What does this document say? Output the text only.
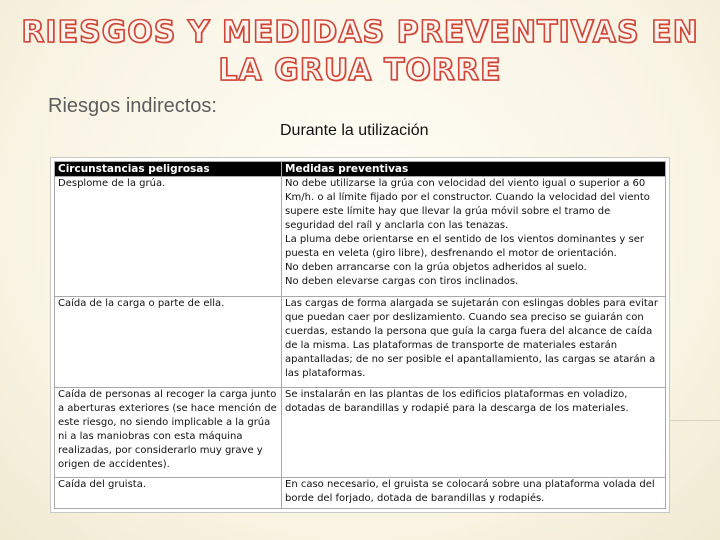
RIESGOS Y MEDIDAS PREVENTIVAS EN LA GRUA TORRE
Riesgos indirectos:

Durante la utilización

Circunstancias peligrosas	Medidas preventivas
Desplome de la grúa.	No debe utilizarse la grúa con velocidad del viento igual o superior a 60 Km/h. o al límite fijado por el constructor. Cuando la velocidad del viento supere este límite hay que llevar la grúa móvil sobre el tramo de seguridad del raíl y anclarla con las tenazas.

La pluma debe orientarse en el sentido de los vientos dominantes y ser puesta en veleta (giro libre), desfrenando el motor de orientación.

No deben arrancarse con la grúa objetos adheridos al suelo.

No deben elevarse cargas con tiros inclinados.

Caída de la carga o parte de ella.	Las cargas de forma alargada se sujetarán con eslingas dobles para evitar que puedan caer por deslizamiento. Cuando sea preciso se guiarán con cuerdas, estando la persona que guía la carga fuera del alcance de caída de la misma. Las plataformas de transporte de materiales estarán apantalladas; de no ser posible el apantallamiento, las cargas se atarán a las plataformas.

Caída de personas al recoger la carga junto a aberturas exteriores (se hace mención de este riesgo, no siendo implicable a la grúa ni a las maniobras con esta máquina realizadas, por considerarlo muy grave y origen de accidentes).	Se instalarán en las plantas de los edificios plataformas en voladizo, dotadas de barandillas y rodapié para la descarga de los materiales.

Caída del gruista.	En caso necesario, el gruista se colocará sobre una plataforma volada del borde del forjado, dotada de barandillas y rodapiés.
